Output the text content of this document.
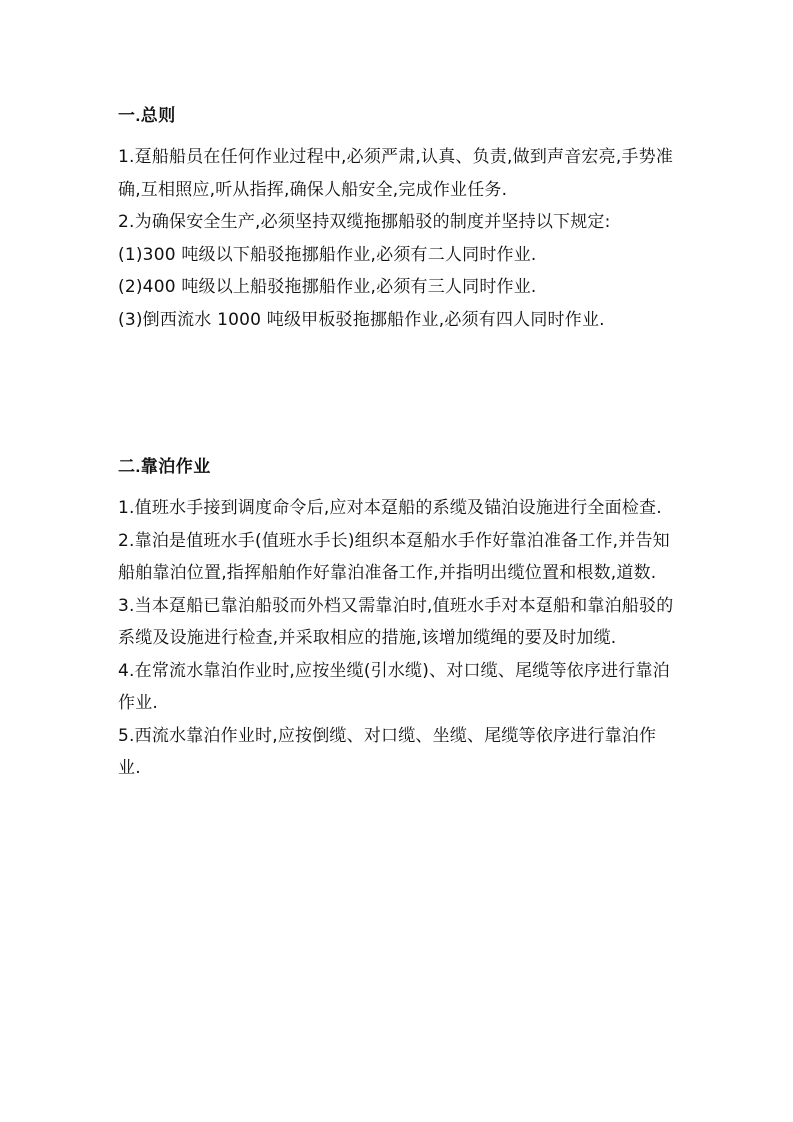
一.总则

1.趸船船员在任何作业过程中,必须严肃,认真、负责,做到声音宏亮,手势准确,互相照应,听从指挥,确保人船安全,完成作业任务.

2.为确保安全生产,必须坚持双缆拖挪船驳的制度并坚持以下规定:

(1)300 吨级以下船驳拖挪船作业,必须有二人同时作业.

(2)400 吨级以上船驳拖挪船作业,必须有三人同时作业.

(3)倒西流水 1000 吨级甲板驳拖挪船作业,必须有四人同时作业.

二.靠泊作业

1.值班水手接到调度命令后,应对本趸船的系缆及锚泊设施进行全面检查.

2.靠泊是值班水手(值班水手长)组织本趸船水手作好靠泊准备工作,并告知船舶靠泊位置,指挥船舶作好靠泊准备工作,并指明出缆位置和根数,道数.

3.当本趸船已靠泊船驳而外档又需靠泊时,值班水手对本趸船和靠泊船驳的系缆及设施进行检查,并采取相应的措施,该增加缆绳的要及时加缆.

4.在常流水靠泊作业时,应按坐缆(引水缆)、对口缆、尾缆等依序进行靠泊作业.

5.西流水靠泊作业时,应按倒缆、对口缆、坐缆、尾缆等依序进行靠泊作业.
